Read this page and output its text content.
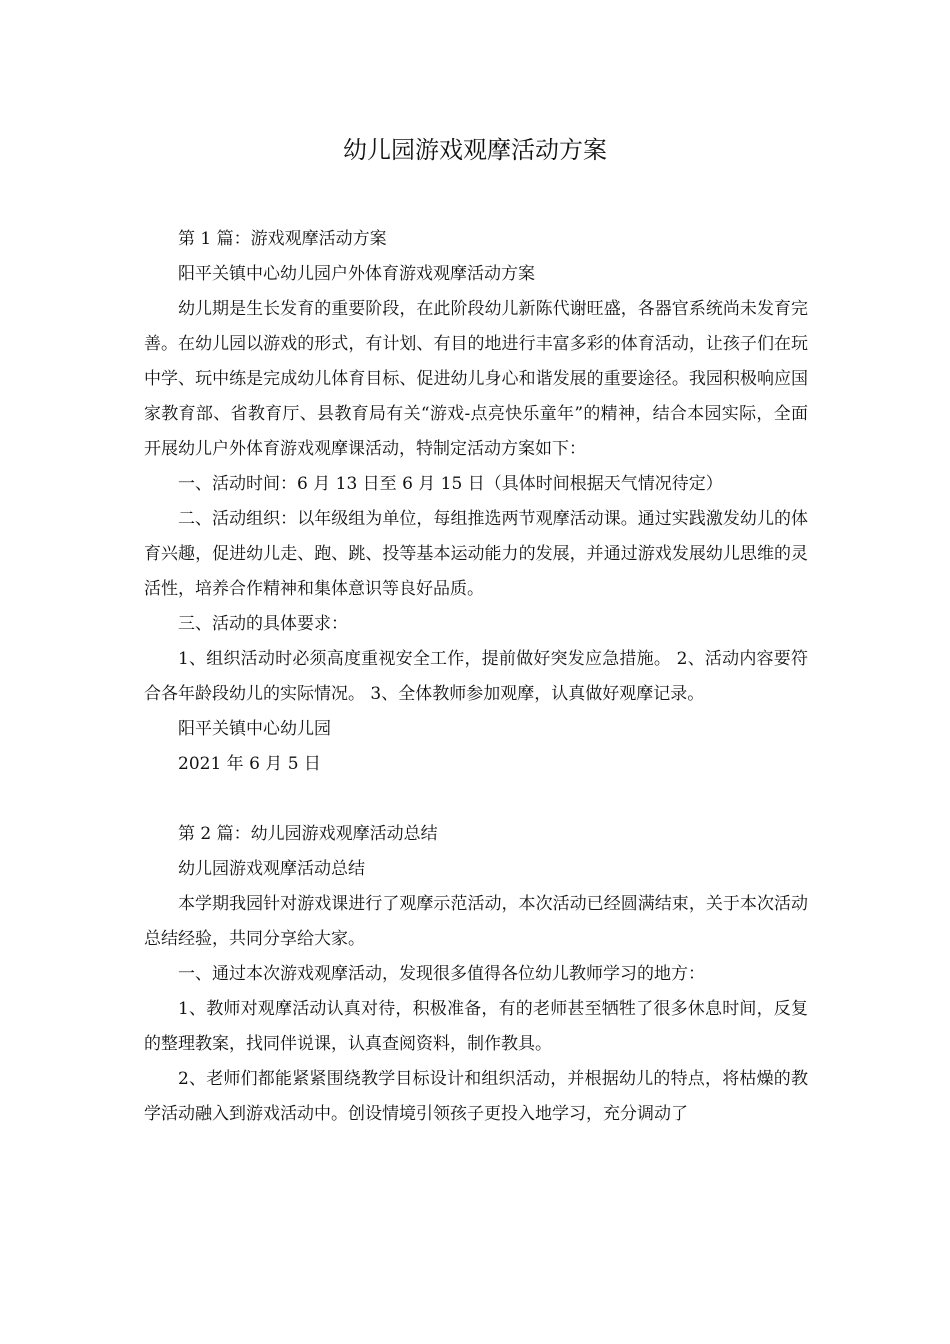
幼儿园游戏观摩活动方案

第 1 篇：游戏观摩活动方案

阳平关镇中心幼儿园户外体育游戏观摩活动方案

幼儿期是生长发育的重要阶段，在此阶段幼儿新陈代谢旺盛，各器官系统尚未发育完善。在幼儿园以游戏的形式，有计划、有目的地进行丰富多彩的体育活动，让孩子们在玩中学、玩中练是完成幼儿体育目标、促进幼儿身心和谐发展的重要途径。我园积极响应国家教育部、省教育厅、县教育局有关“游戏-点亮快乐童年”的精神，结合本园实际，全面开展幼儿户外体育游戏观摩课活动，特制定活动方案如下：

一、活动时间：6 月 13 日至 6 月 15 日（具体时间根据天气情况待定）

二、活动组织：以年级组为单位，每组推选两节观摩活动课。通过实践激发幼儿的体育兴趣，促进幼儿走、跑、跳、投等基本运动能力的发展，并通过游戏发展幼儿思维的灵活性，培养合作精神和集体意识等良好品质。

三、活动的具体要求：

1、组织活动时必须高度重视安全工作，提前做好突发应急措施。 2、活动内容要符合各年龄段幼儿的实际情况。 3、全体教师参加观摩，认真做好观摩记录。

阳平关镇中心幼儿园

2021 年 6 月 5 日

第 2 篇：幼儿园游戏观摩活动总结

幼儿园游戏观摩活动总结

本学期我园针对游戏课进行了观摩示范活动，本次活动已经圆满结束，关于本次活动总结经验，共同分享给大家。

一、通过本次游戏观摩活动，发现很多值得各位幼儿教师学习的地方：

1、教师对观摩活动认真对待，积极准备，有的老师甚至牺牲了很多休息时间，反复的整理教案，找同伴说课，认真查阅资料，制作教具。

2、老师们都能紧紧围绕教学目标设计和组织活动，并根据幼儿的特点，将枯燥的教学活动融入到游戏活动中。创设情境引领孩子更投入地学习，充分调动了
